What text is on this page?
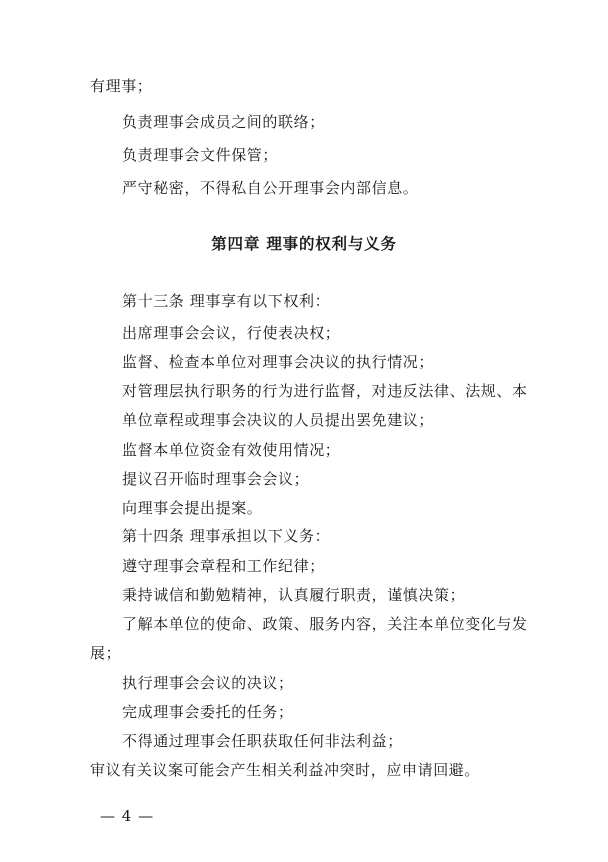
有理事；
负责理事会成员之间的联络；
负责理事会文件保管；
严守秘密，不得私自公开理事会内部信息。
第四章 理事的权利与义务
第十三条 理事享有以下权利：
出席理事会会议，行使表决权；
监督、检查本单位对理事会决议的执行情况；
对管理层执行职务的行为进行监督，对违反法律、法规、本
单位章程或理事会决议的人员提出罢免建议；
监督本单位资金有效使用情况；
提议召开临时理事会会议；
向理事会提出提案。
第十四条 理事承担以下义务：
遵守理事会章程和工作纪律；
秉持诚信和勤勉精神，认真履行职责，谨慎决策；
了解本单位的使命、政策、服务内容，关注本单位变化与发
展；
执行理事会会议的决议；
完成理事会委托的任务；
不得通过理事会任职获取任何非法利益；
审议有关议案可能会产生相关利益冲突时，应申请回避。
— 4 —
